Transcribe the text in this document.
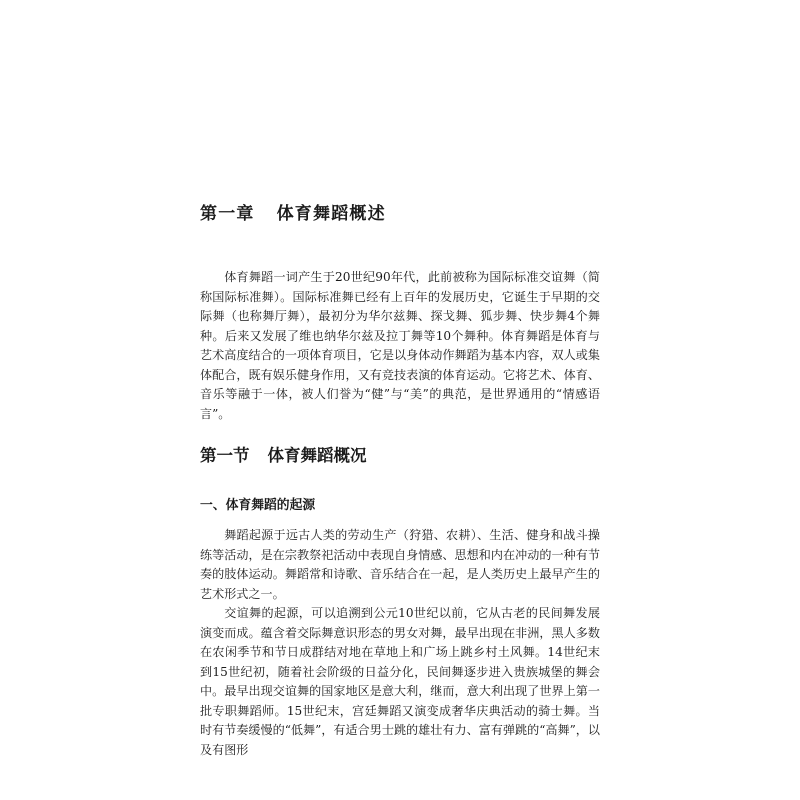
第一章 体育舞蹈概述

体育舞蹈一词产生于20世纪90年代，此前被称为国际标准交谊舞（简称国际标准舞）。国际标准舞已经有上百年的发展历史，它诞生于早期的交际舞（也称舞厅舞），最初分为华尔兹舞、探戈舞、狐步舞、快步舞4个舞种。后来又发展了维也纳华尔兹及拉丁舞等10个舞种。体育舞蹈是体育与艺术高度结合的一项体育项目，它是以身体动作舞蹈为基本内容，双人或集体配合，既有娱乐健身作用，又有竞技表演的体育运动。它将艺术、体育、音乐等融于一体，被人们誉为“健”与“美”的典范，是世界通用的“情感语言”。

第一节 体育舞蹈概况
一、体育舞蹈的起源

舞蹈起源于远古人类的劳动生产（狩猎、农耕）、生活、健身和战斗操练等活动，是在宗教祭祀活动中表现自身情感、思想和内在冲动的一种有节奏的肢体运动。舞蹈常和诗歌、音乐结合在一起，是人类历史上最早产生的艺术形式之一。

交谊舞的起源，可以追溯到公元10世纪以前，它从古老的民间舞发展演变而成。蕴含着交际舞意识形态的男女对舞，最早出现在非洲，黑人多数在农闲季节和节日成群结对地在草地上和广场上跳乡村土风舞。14世纪末到15世纪初，随着社会阶级的日益分化，民间舞逐步进入贵族城堡的舞会中。最早出现交谊舞的国家地区是意大利，继而，意大利出现了世界上第一批专职舞蹈师。15世纪末，宫廷舞蹈又演变成奢华庆典活动的骑士舞。当时有节奏缓慢的“低舞”，有适合男士跳的雄壮有力、富有弹跳的“高舞”，以及有图形
